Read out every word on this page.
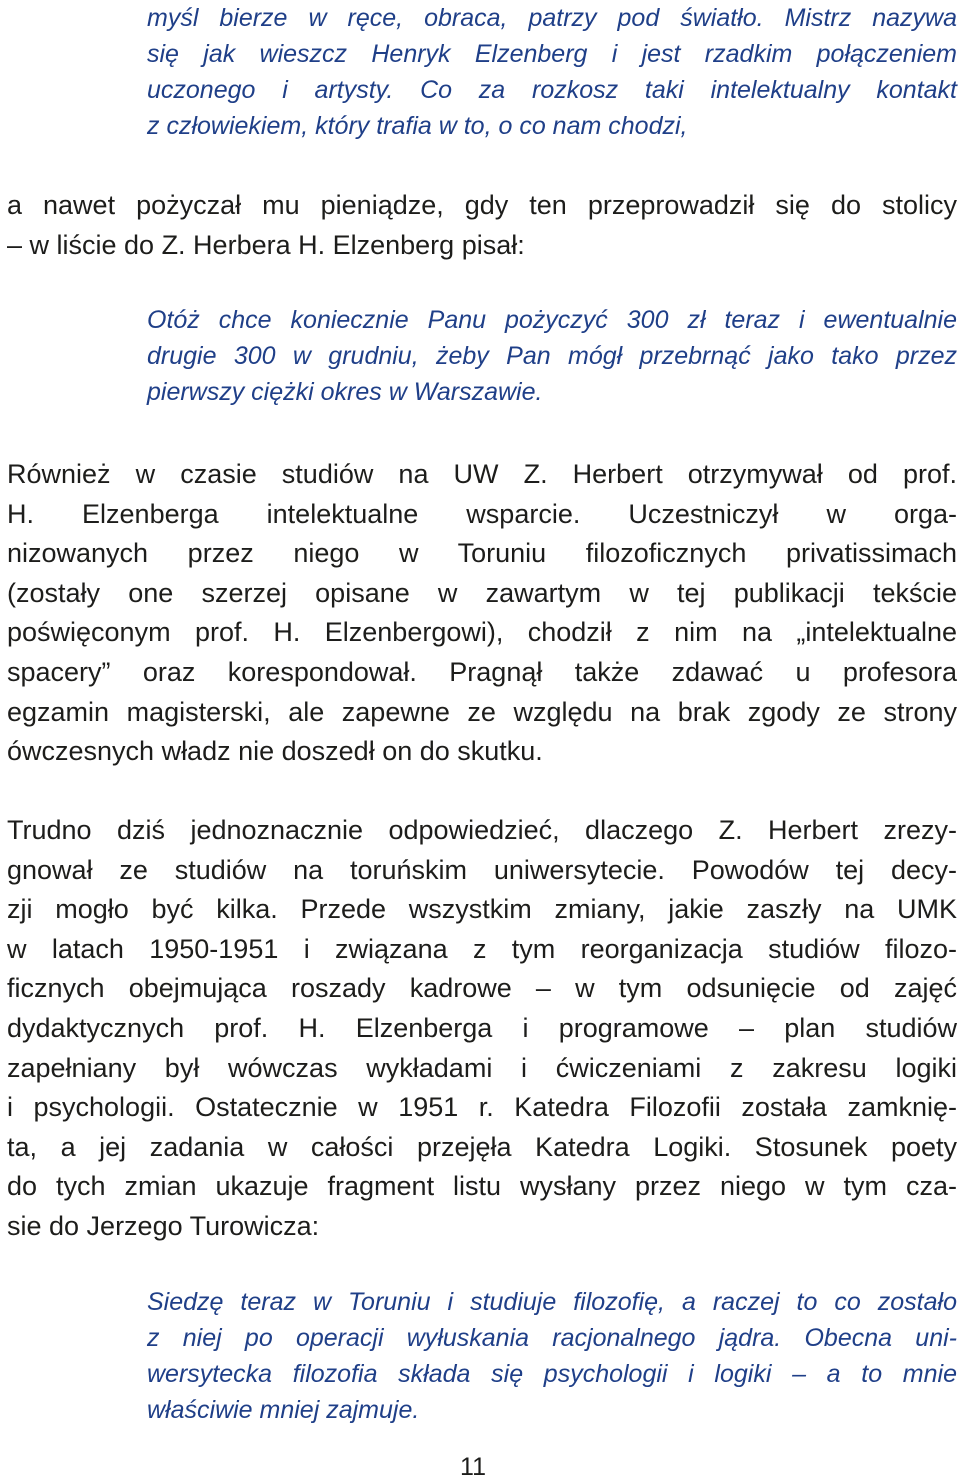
myśl bierze w ręce, obraca, patrzy pod światło. Mistrz nazywa
się jak wieszcz Henryk Elzenberg i jest rzadkim połączeniem
uczonego i artysty. Co za rozkosz taki intelektualny kontakt
z człowiekiem, który trafia w to, o co nam chodzi,
a nawet pożyczał mu pieniądze, gdy ten przeprowadził się do stolicy
– w liście do Z. Herbera H. Elzenberg pisał:
Otóż chce koniecznie Panu pożyczyć 300 zł teraz i ewentualnie
drugie 300 w grudniu, żeby Pan mógł przebrnąć jako tako przez
pierwszy ciężki okres w Warszawie.
Również w czasie studiów na UW Z. Herbert otrzymywał od prof.
H. Elzenberga intelektualne wsparcie. Uczestniczył w orga-
nizowanych przez niego w Toruniu filozoficznych privatissimach
(zostały one szerzej opisane w zawartym w tej publikacji tekście
poświęconym prof. H. Elzenbergowi), chodził z nim na „intelektualne
spacery” oraz korespondował. Pragnął także zdawać u profesora
egzamin magisterski, ale zapewne ze względu na brak zgody ze strony
ówczesnych władz nie doszedł on do skutku.
Trudno dziś jednoznacznie odpowiedzieć, dlaczego Z. Herbert zrezy-
gnował ze studiów na toruńskim uniwersytecie. Powodów tej decy-
zji mogło być kilka. Przede wszystkim zmiany, jakie zaszły na UMK
w latach 1950-1951 i związana z tym reorganizacja studiów filozo-
ficznych obejmująca roszady kadrowe – w tym odsunięcie od zajęć
dydaktycznych prof. H. Elzenberga i programowe – plan studiów
zapełniany był wówczas wykładami i ćwiczeniami z zakresu logiki
i psychologii. Ostatecznie w 1951 r. Katedra Filozofii została zamknię-
ta, a jej zadania w całości przejęła Katedra Logiki. Stosunek poety
do tych zmian ukazuje fragment listu wysłany przez niego w tym cza-
sie do Jerzego Turowicza:
Siedzę teraz w Toruniu i studiuje filozofię, a raczej to co zostało
z niej po operacji wyłuskania racjonalnego jądra. Obecna uni-
wersytecka filozofia składa się psychologii i logiki – a to mnie
właściwie mniej zajmuje.
11
